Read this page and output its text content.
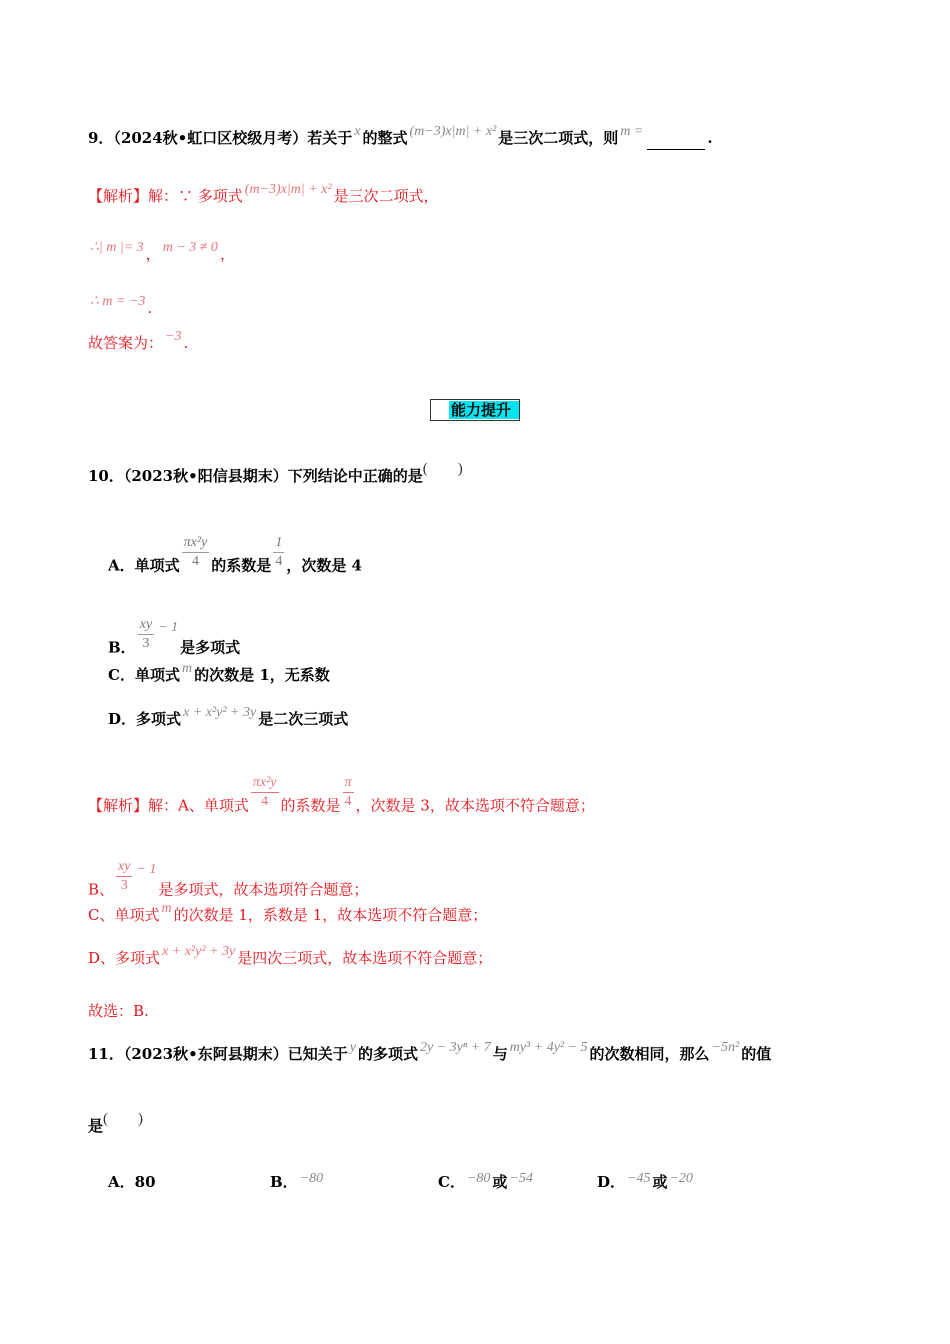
9．（2024秋•虹口区校级月考）若关于 x 的整式 (m−3)x|m| + x² 是三次二项式，则 m =	.
【解析】解：∵ 多项式 (m−3)x|m| + x² 是三次二项式，
∴| m |= 3 ， m − 3 ≠ 0 ，
∴ m = −3 .
故答案为： −3 .
能力提升
10．（2023秋•阳信县期末）下列结论中正确的是(　　)
A．单项式 $\frac{\text{πx²y}}{4}$ 的系数是 $\frac{1}{4}$ ，次数是 4
B． $\frac{xy}{3} - 1$是多项式
C．单项式 m 的次数是 1，无系数
D．多项式 x + x²y² + 3y 是二次三项式
【解析】解：A、单项式 $\frac{\text{πx²y}}{4}$ 的系数是 $\frac{\pi}{4}$ ，次数是 3，故本选项不符合题意；
B、 $\frac{xy}{3} - 1$是多项式，故本选项符合题意；
C、单项式 m 的次数是 1，系数是 1，故本选项不符合题意；
D、多项式 x + x²y² + 3y 是四次三项式，故本选项不符合题意；
故选：B.
11．（2023秋•东阿县期末）已知关于 y 的多项式 2y − 3yⁿ + 7 与 my³ + 4y² − 5 的次数相同，那么 −5n² 的值
是(　　)
A．80	B． −80	C． −80 或 −54	D． −45 或 −20
